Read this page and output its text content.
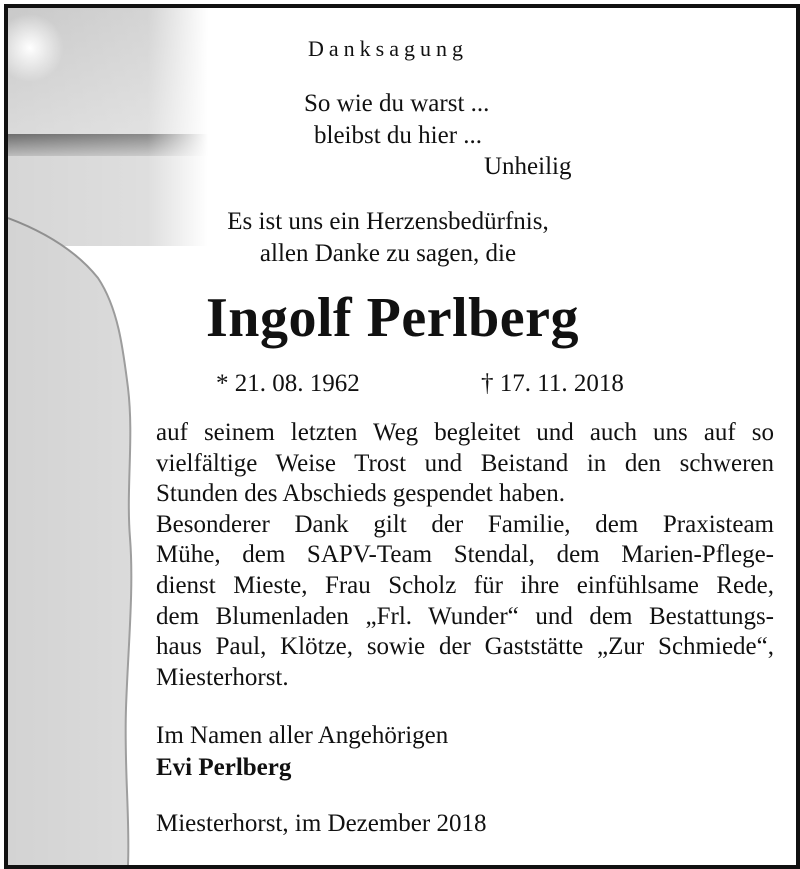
Danksagung
So wie du warst ...
bleibst du hier ...
Unheilig
Es ist uns ein Herzensbedürfnis,
allen Danke zu sagen, die
Ingolf Perlberg
* 21. 08. 1962	† 17. 11. 2018

auf seinem letzten Weg begleitet und auch uns auf so

vielfältige Weise Trost und Beistand in den schweren

Stunden des Abschieds gespendet haben.

Besonderer Dank gilt der Familie, dem Praxisteam

Mühe, dem SAPV-Team Stendal, dem Marien-Pflege-

dienst Mieste, Frau Scholz für ihre einfühlsame Rede,

dem Blumenladen „Frl. Wunder“ und dem Bestattungs-

haus Paul, Klötze, sowie der Gaststätte „Zur Schmiede“,

Miesterhorst.

Im Namen aller Angehörigen
Evi Perlberg
Miesterhorst, im Dezember 2018
